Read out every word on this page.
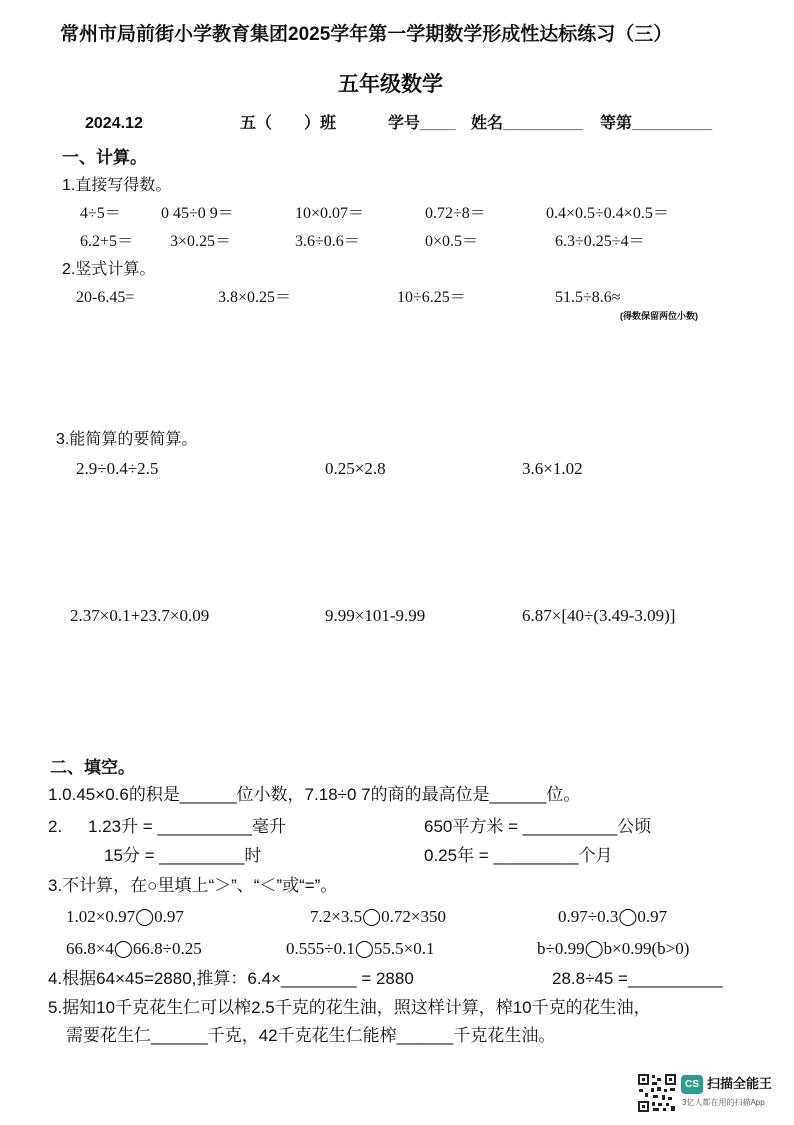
常州市局前街小学教育集团2025学年第一学期数学形成性达标练习（三）
五年级数学
2024.12	五（　　）班	学号____ 姓名_________ 等第_________
一、计算。
1.直接写得数。
4÷5＝	0 45÷0 9＝	10×0.07＝	0.72÷8＝	0.4×0.5÷0.4×0.5＝
6.2+5＝ 3×0.25＝	3.6÷0.6＝	0×0.5＝	6.3÷0.25÷4＝
2.竖式计算。
20-6.45=	3.8×0.25＝	10÷6.25＝	51.5÷8.6≈
(得数保留两位小数)
3.能简算的要简算。
2.9÷0.4÷2.5	0.25×2.8	3.6×1.02
2.37×0.1+23.7×0.09	9.99×101-9.99	6.87×[40÷(3.49-3.09)]
二、填空。
1.0.45×0.6的积是______位小数，7.18÷0 7的商的最高位是______位。
2. 1.23升 = __________毫升	650平方米 = __________公顷
15分 = _________时	0.25年 = _________个月
3.不计算，在○里填上“＞”、“＜”或“=”。
1.02×0.97◯0.97	7.2×3.5◯0.72×350	0.97÷0.3◯0.97
66.8×4◯66.8÷0.25	0.555÷0.1◯55.5×0.1	b÷0.99◯b×0.99(b>0)
4.根据64×45=2880,推算：6.4×________ = 2880	28.8÷45 =__________
5.据知10千克花生仁可以榨2.5千克的花生油，照这样计算，榨10千克的花生油，
需要花生仁______千克，42千克花生仁能榨______千克花生油。
CS 扫描全能王
3亿人都在用的扫描App
